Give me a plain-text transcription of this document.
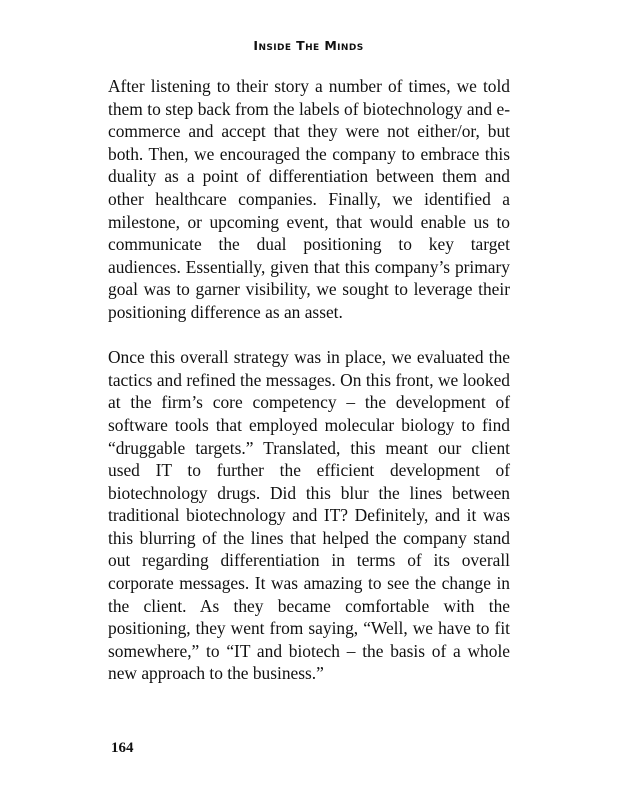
Inside The Minds

After listening to their story a number of times, we told them to step back from the labels of biotechnology and e-commerce and accept that they were not either/or, but both. Then, we encouraged the company to embrace this duality as a point of differentiation between them and other healthcare companies. Finally, we identified a milestone, or upcoming event, that would enable us to communicate the dual positioning to key target audiences. Essentially, given that this company’s primary goal was to garner visibility, we sought to leverage their positioning difference as an asset.

Once this overall strategy was in place, we evaluated the tactics and refined the messages. On this front, we looked at the firm’s core competency – the development of software tools that employed molecular biology to find “druggable targets.” Translated, this meant our client used IT to further the efficient development of biotechnology drugs. Did this blur the lines between traditional biotechnology and IT? Definitely, and it was this blurring of the lines that helped the company stand out regarding differentiation in terms of its overall corporate messages. It was amazing to see the change in the client. As they became comfortable with the positioning, they went from saying, “Well, we have to fit somewhere,” to “IT and biotech – the basis of a whole new approach to the business.”

164
